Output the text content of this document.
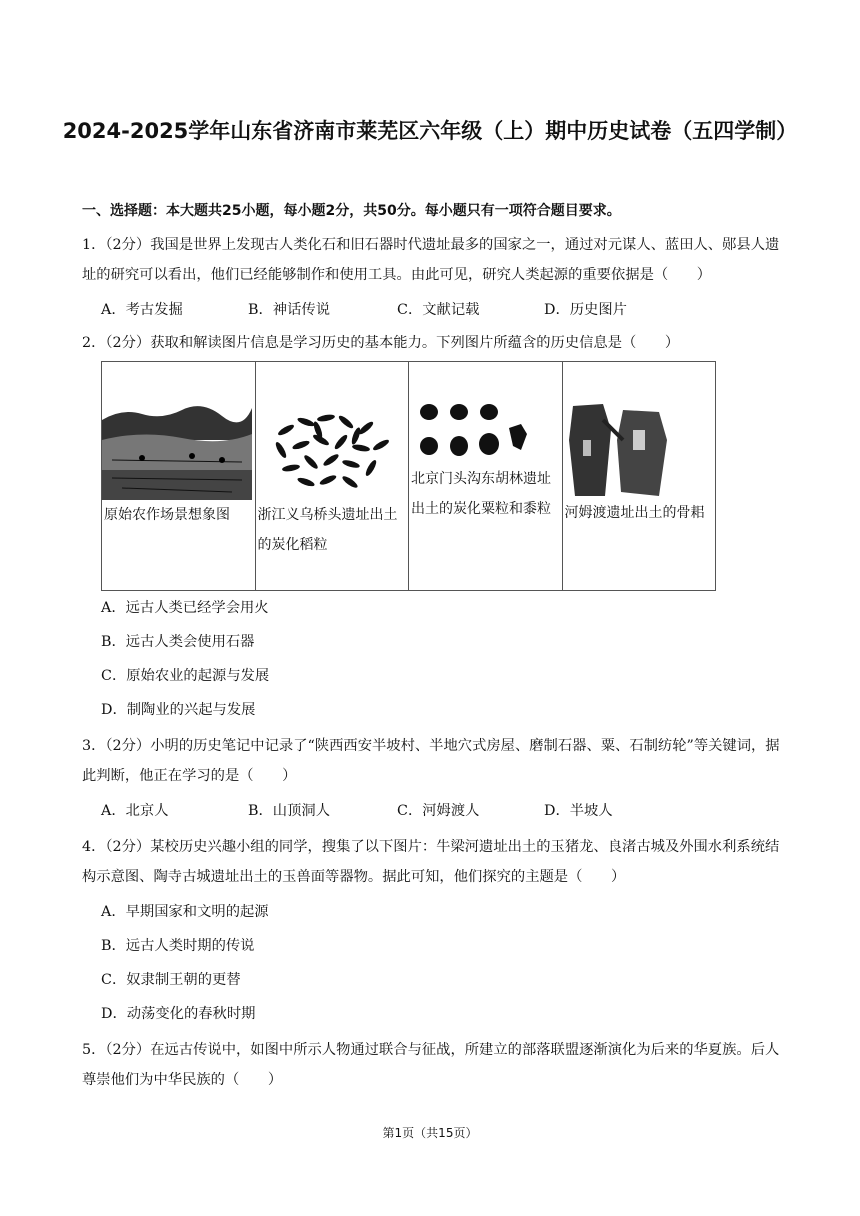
2024-2025学年山东省济南市莱芜区六年级（上）期中历史试卷（五四学制）
一、选择题：本大题共25小题，每小题2分，共50分。每小题只有一项符合题目要求。
1．（2分）我国是世界上发现古人类化石和旧石器时代遗址最多的国家之一，通过对元谋人、蓝田人、郧县人遗址的研究可以看出，他们已经能够制作和使用工具。由此可见，研究人类起源的重要依据是（　　）
A．考古发掘	B．神话传说	C．文献记载	D．历史图片
2．（2分）获取和解读图片信息是学习历史的基本能力。下列图片所蕴含的历史信息是（　　）
原始农作场景想象图	浙江义乌桥头遗址出土的炭化稻粒

北京门头沟东胡林遗址出土的炭化粟粒和黍粒	河姆渡遗址出土的骨耜
A．远古人类已经学会用火
B．远古人类会使用石器
C．原始农业的起源与发展
D．制陶业的兴起与发展
3．（2分）小明的历史笔记中记录了“陕西西安半坡村、半地穴式房屋、磨制石器、粟、石制纺轮”等关键词，据此判断，他正在学习的是（　　）
A．北京人	B．山顶洞人	C．河姆渡人	D．半坡人
4．（2分）某校历史兴趣小组的同学，搜集了以下图片：牛梁河遗址出土的玉猪龙、良渚古城及外围水利系统结构示意图、陶寺古城遗址出土的玉兽面等器物。据此可知，他们探究的主题是（　　）
A．早期国家和文明的起源
B．远古人类时期的传说
C．奴隶制王朝的更替
D．动荡变化的春秋时期
5．（2分）在远古传说中，如图中所示人物通过联合与征战，所建立的部落联盟逐渐演化为后来的华夏族。后人尊崇他们为中华民族的（　　）
第1页（共15页）
